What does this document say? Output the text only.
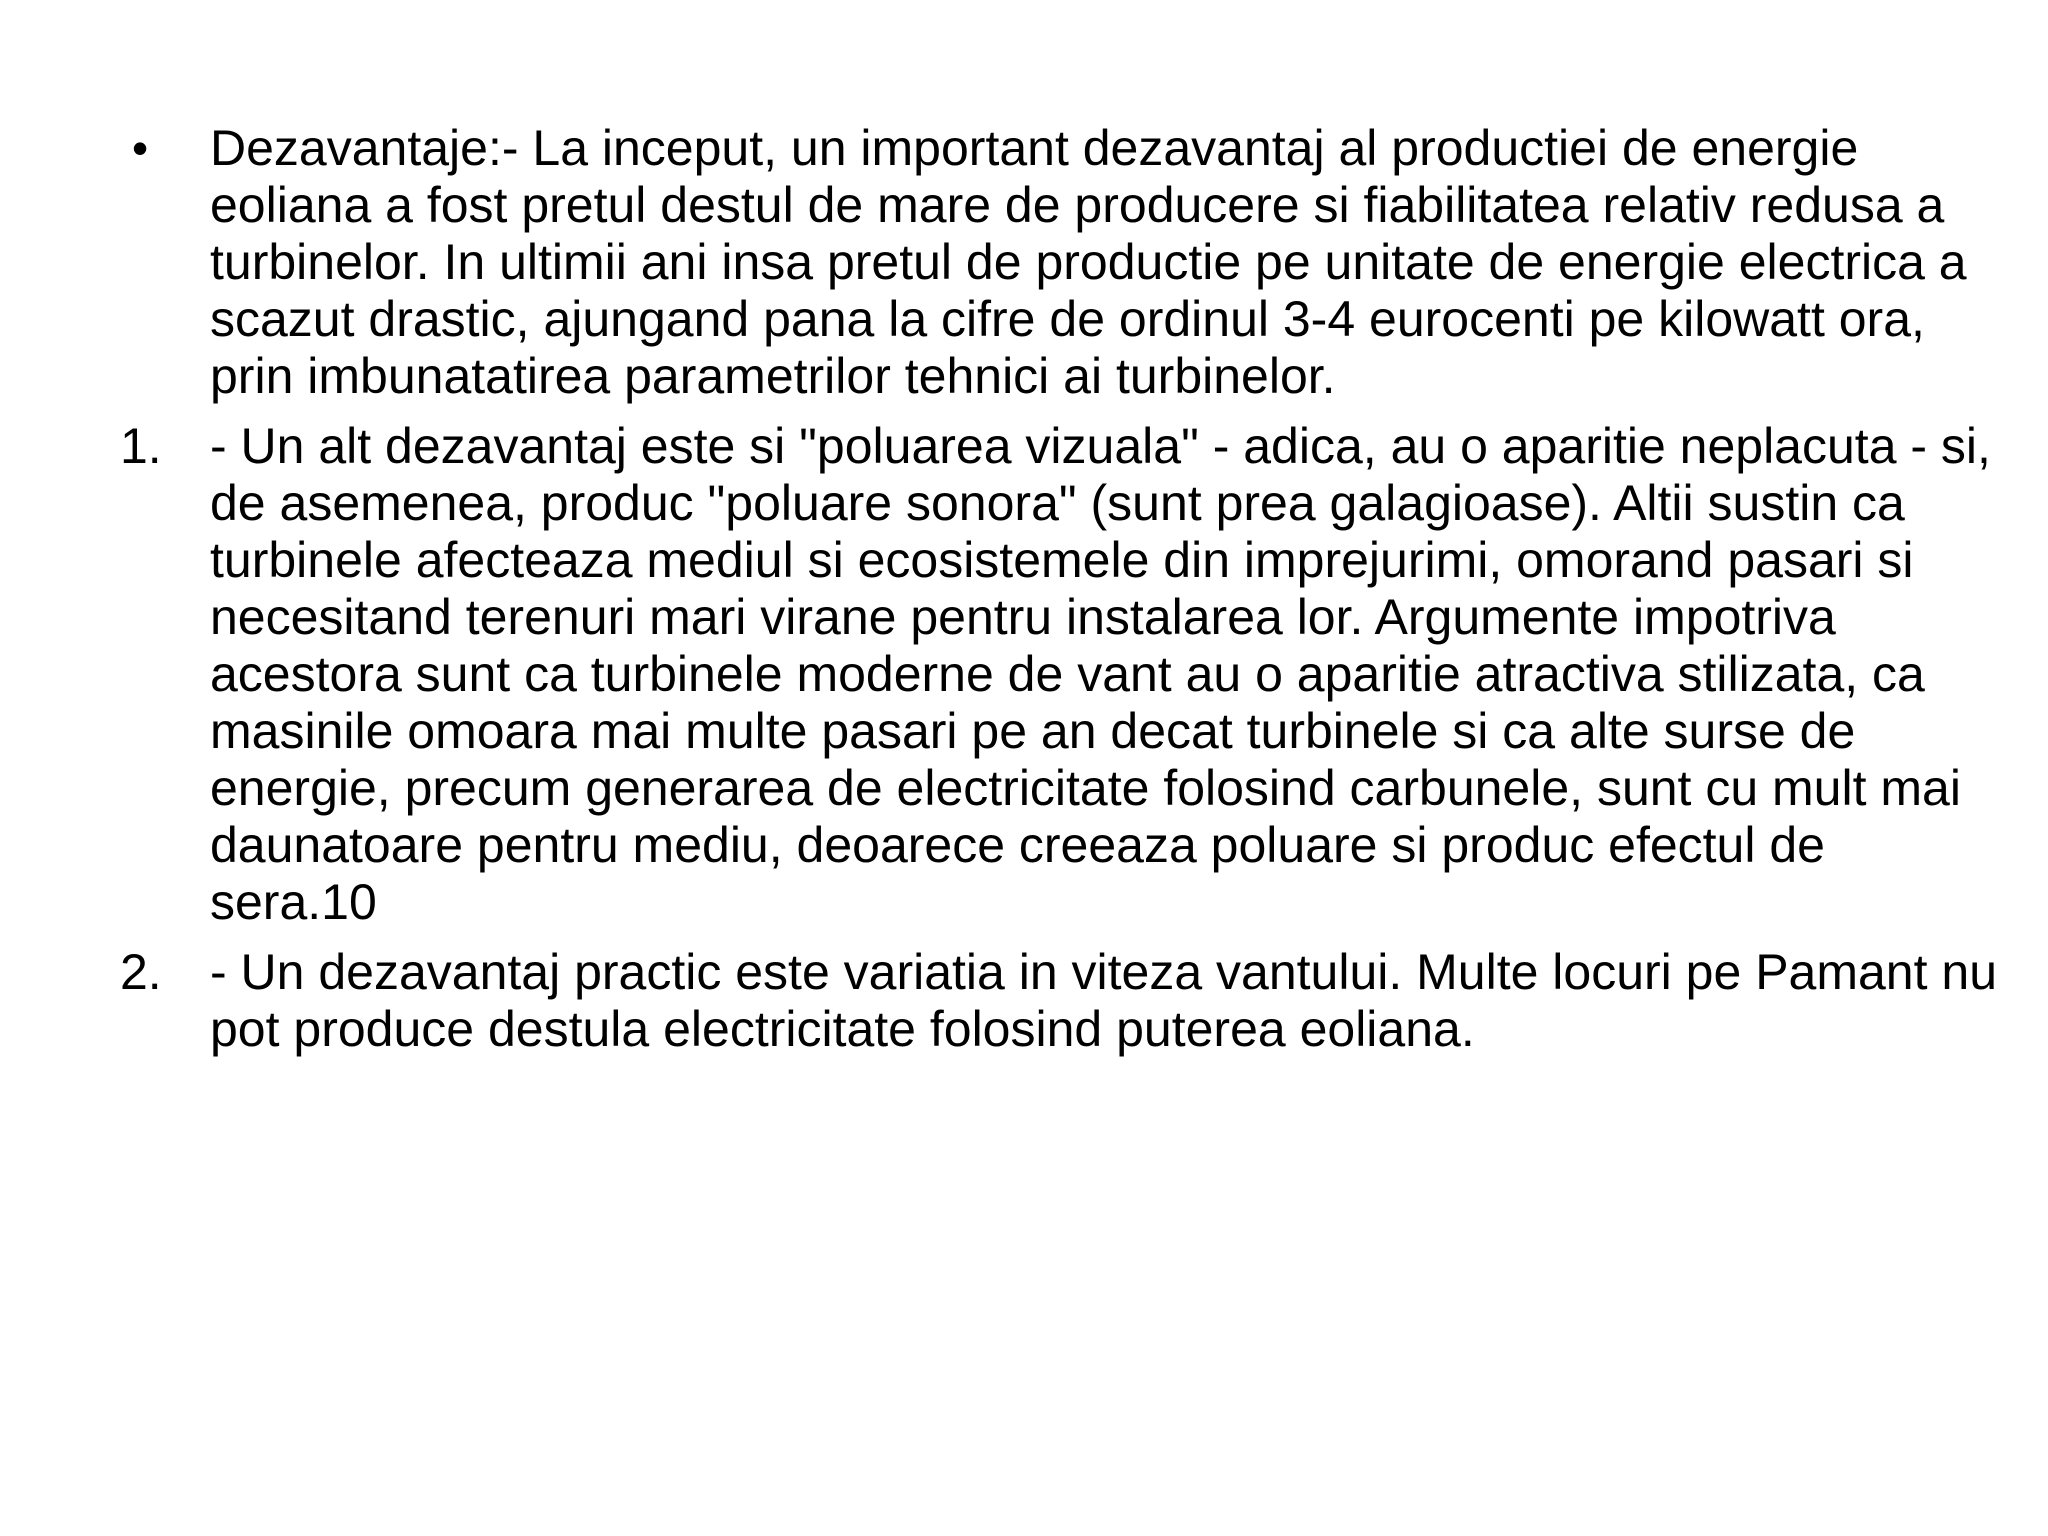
•	Dezavantaje:- La inceput, un important dezavantaj al productiei de energie eoliana a fost pretul destul de mare de producere si fiabilitatea relativ redusa a turbinelor. In ultimii ani insa pretul de productie pe unitate de energie electrica a scazut drastic, ajungand pana la cifre de ordinul 3-4 eurocenti pe kilowatt ora, prin imbunatatirea parametrilor tehnici ai turbinelor.
1. - Un alt dezavantaj este si "poluarea vizuala" - adica, au o aparitie neplacuta - si, de asemenea, produc "poluare sonora" (sunt prea galagioase). Altii sustin ca turbinele afecteaza mediul si ecosistemele din imprejurimi, omorand pasari si necesitand terenuri mari virane pentru instalarea lor. Argumente impotriva acestora sunt ca turbinele moderne de vant au o aparitie atractiva stilizata, ca masinile omoara mai multe pasari pe an decat turbinele si ca alte surse de energie, precum generarea de electricitate folosind carbunele, sunt cu mult mai daunatoare pentru mediu, deoarece creeaza poluare si produc efectul de sera.10
2. - Un dezavantaj practic este variatia in viteza vantului. Multe locuri pe Pamant nu pot produce destula electricitate folosind puterea eoliana.
